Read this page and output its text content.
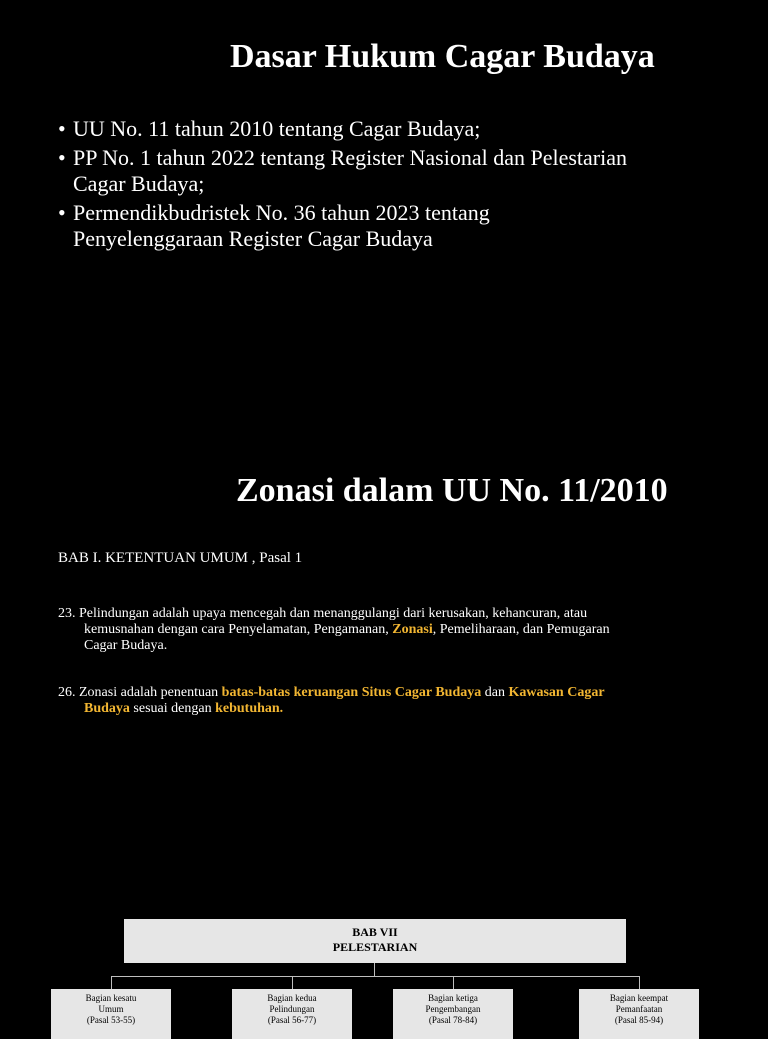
Dasar Hukum Cagar Budaya
• UU No. 11 tahun 2010 tentang Cagar Budaya;
• PP No. 1 tahun 2022 tentang Register Nasional dan Pelestarian
Cagar Budaya;
• Permendikbudristek No. 36 tahun 2023 tentang
Penyelenggaraan Register Cagar Budaya
Zonasi dalam UU No. 11/2010
BAB I. KETENTUAN UMUM , Pasal 1
23. Pelindungan adalah upaya mencegah dan menanggulangi dari kerusakan, kehancuran, atau
kemusnahan dengan cara Penyelamatan, Pengamanan, Zonasi, Pemeliharaan, dan Pemugaran
Cagar Budaya.
26. Zonasi adalah penentuan batas-batas keruangan Situs Cagar Budaya dan Kawasan Cagar
Budaya sesuai dengan kebutuhan.
BAB VII
PELESTARIAN
Bagian kesatu
Umum
(Pasal 53-55)
Bagian kedua
Pelindungan
(Pasal 56-77)
Bagian ketiga
Pengembangan
(Pasal 78-84)
Bagian keempat
Pemanfaatan
(Pasal 85-94)
